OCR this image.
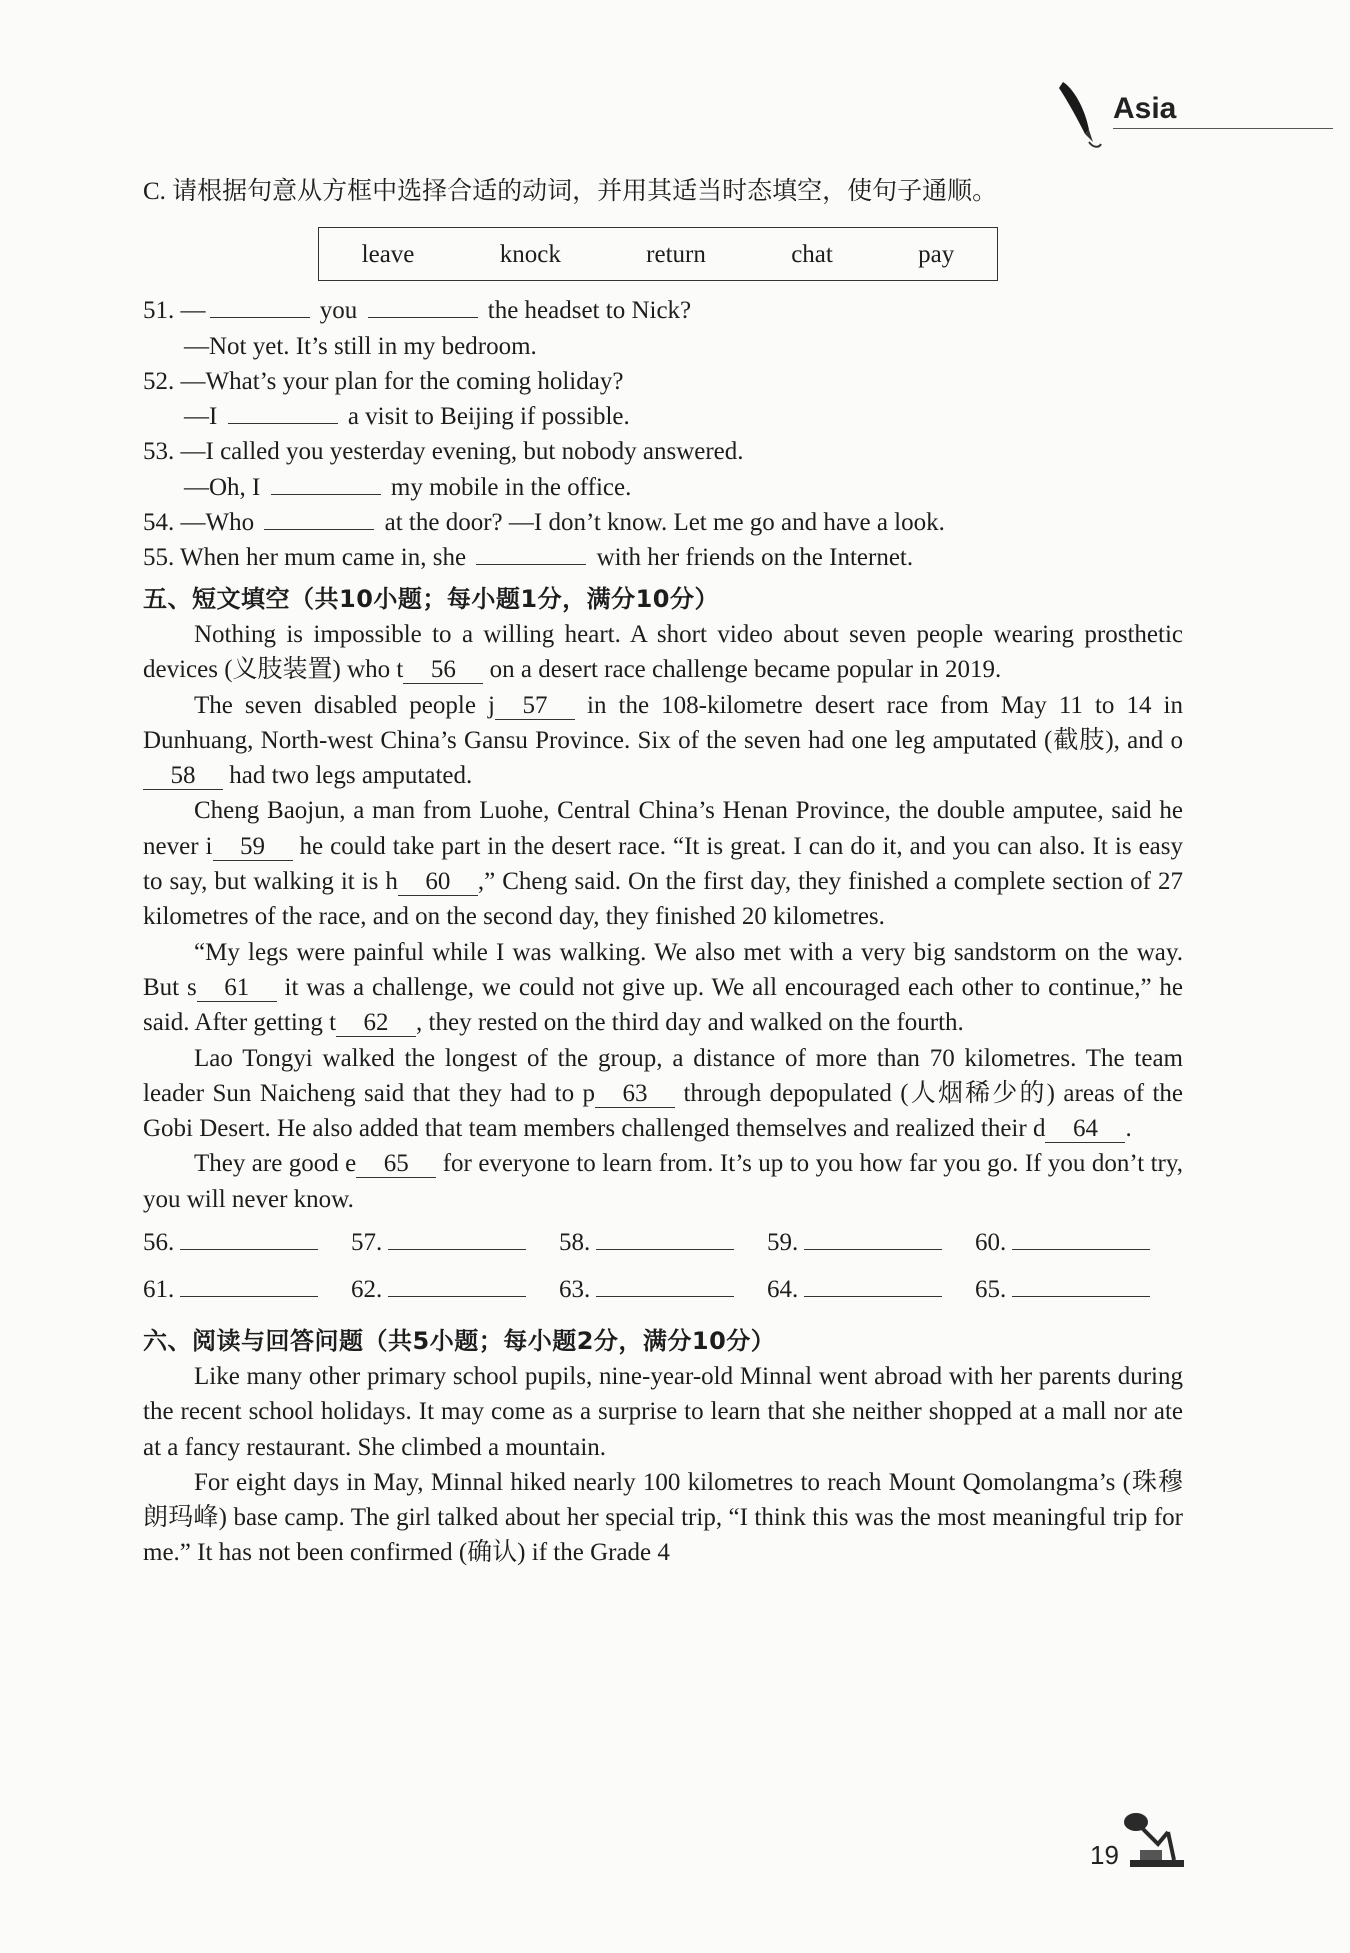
Asia

C. 请根据句意从方框中选择合适的动词，并用其适当时态填空，使句子通顺。

leave	knock	return	chat	pay

51. —	you	the headset to Nick?

—Not yet. It’s still in my bedroom.

52. —What’s your plan for the coming holiday?

—I	a visit to Beijing if possible.

53. —I called you yesterday evening, but nobody answered.

—Oh, I	my mobile in the office.

54. —Who	at the door? —I don’t know. Let me go and have a look.

55. When her mum came in, she	with her friends on the Internet.

五、短文填空（共10小题；每小题1分，满分10分）

Nothing is impossible to a willing heart. A short video about seven people wearing prosthetic devices (义肢装置) who t 56 on a desert race challenge became popular in 2019.

The seven disabled people j 57 in the 108-kilometre desert race from May 11 to 14 in Dunhuang, North-west China’s Gansu Province. Six of the seven had one leg amputated (截肢), and o58 had two legs amputated.

Cheng Baojun, a man from Luohe, Central China’s Henan Province, the double amputee, said he never i 59 he could take part in the desert race. “It is great. I can do it, and you can also. It is easy to say, but walking it is h 60 ,” Cheng said. On the first day, they finished a complete section of 27 kilometres of the race, and on the second day, they finished 20 kilometres.

“My legs were painful while I was walking. We also met with a very big sandstorm on the way. But s 61 it was a challenge, we could not give up. We all encouraged each other to continue,” he said. After getting t 62 , they rested on the third day and walked on the fourth.

Lao Tongyi walked the longest of the group, a distance of more than 70 kilometres. The team leader Sun Naicheng said that they had to p 63 through depopulated (人烟稀少的) areas of the Gobi Desert. He also added that team members challenged themselves and realized their d 64 .

They are good e 65 for everyone to learn from. It’s up to you how far you go. If you don’t try, you will never know.

56.	57.	58.	59.	60.
61.	62.	63.	64.	65.

六、阅读与回答问题（共5小题；每小题2分，满分10分）

Like many other primary school pupils, nine-year-old Minnal went abroad with her parents during the recent school holidays. It may come as a surprise to learn that she neither shopped at a mall nor ate at a fancy restaurant. She climbed a mountain.

For eight days in May, Minnal hiked nearly 100 kilometres to reach Mount Qomolangma’s (珠穆朗玛峰) base camp. The girl talked about her special trip, “I think this was the most meaningful trip for me.” It has not been confirmed (确认) if the Grade 4

19
